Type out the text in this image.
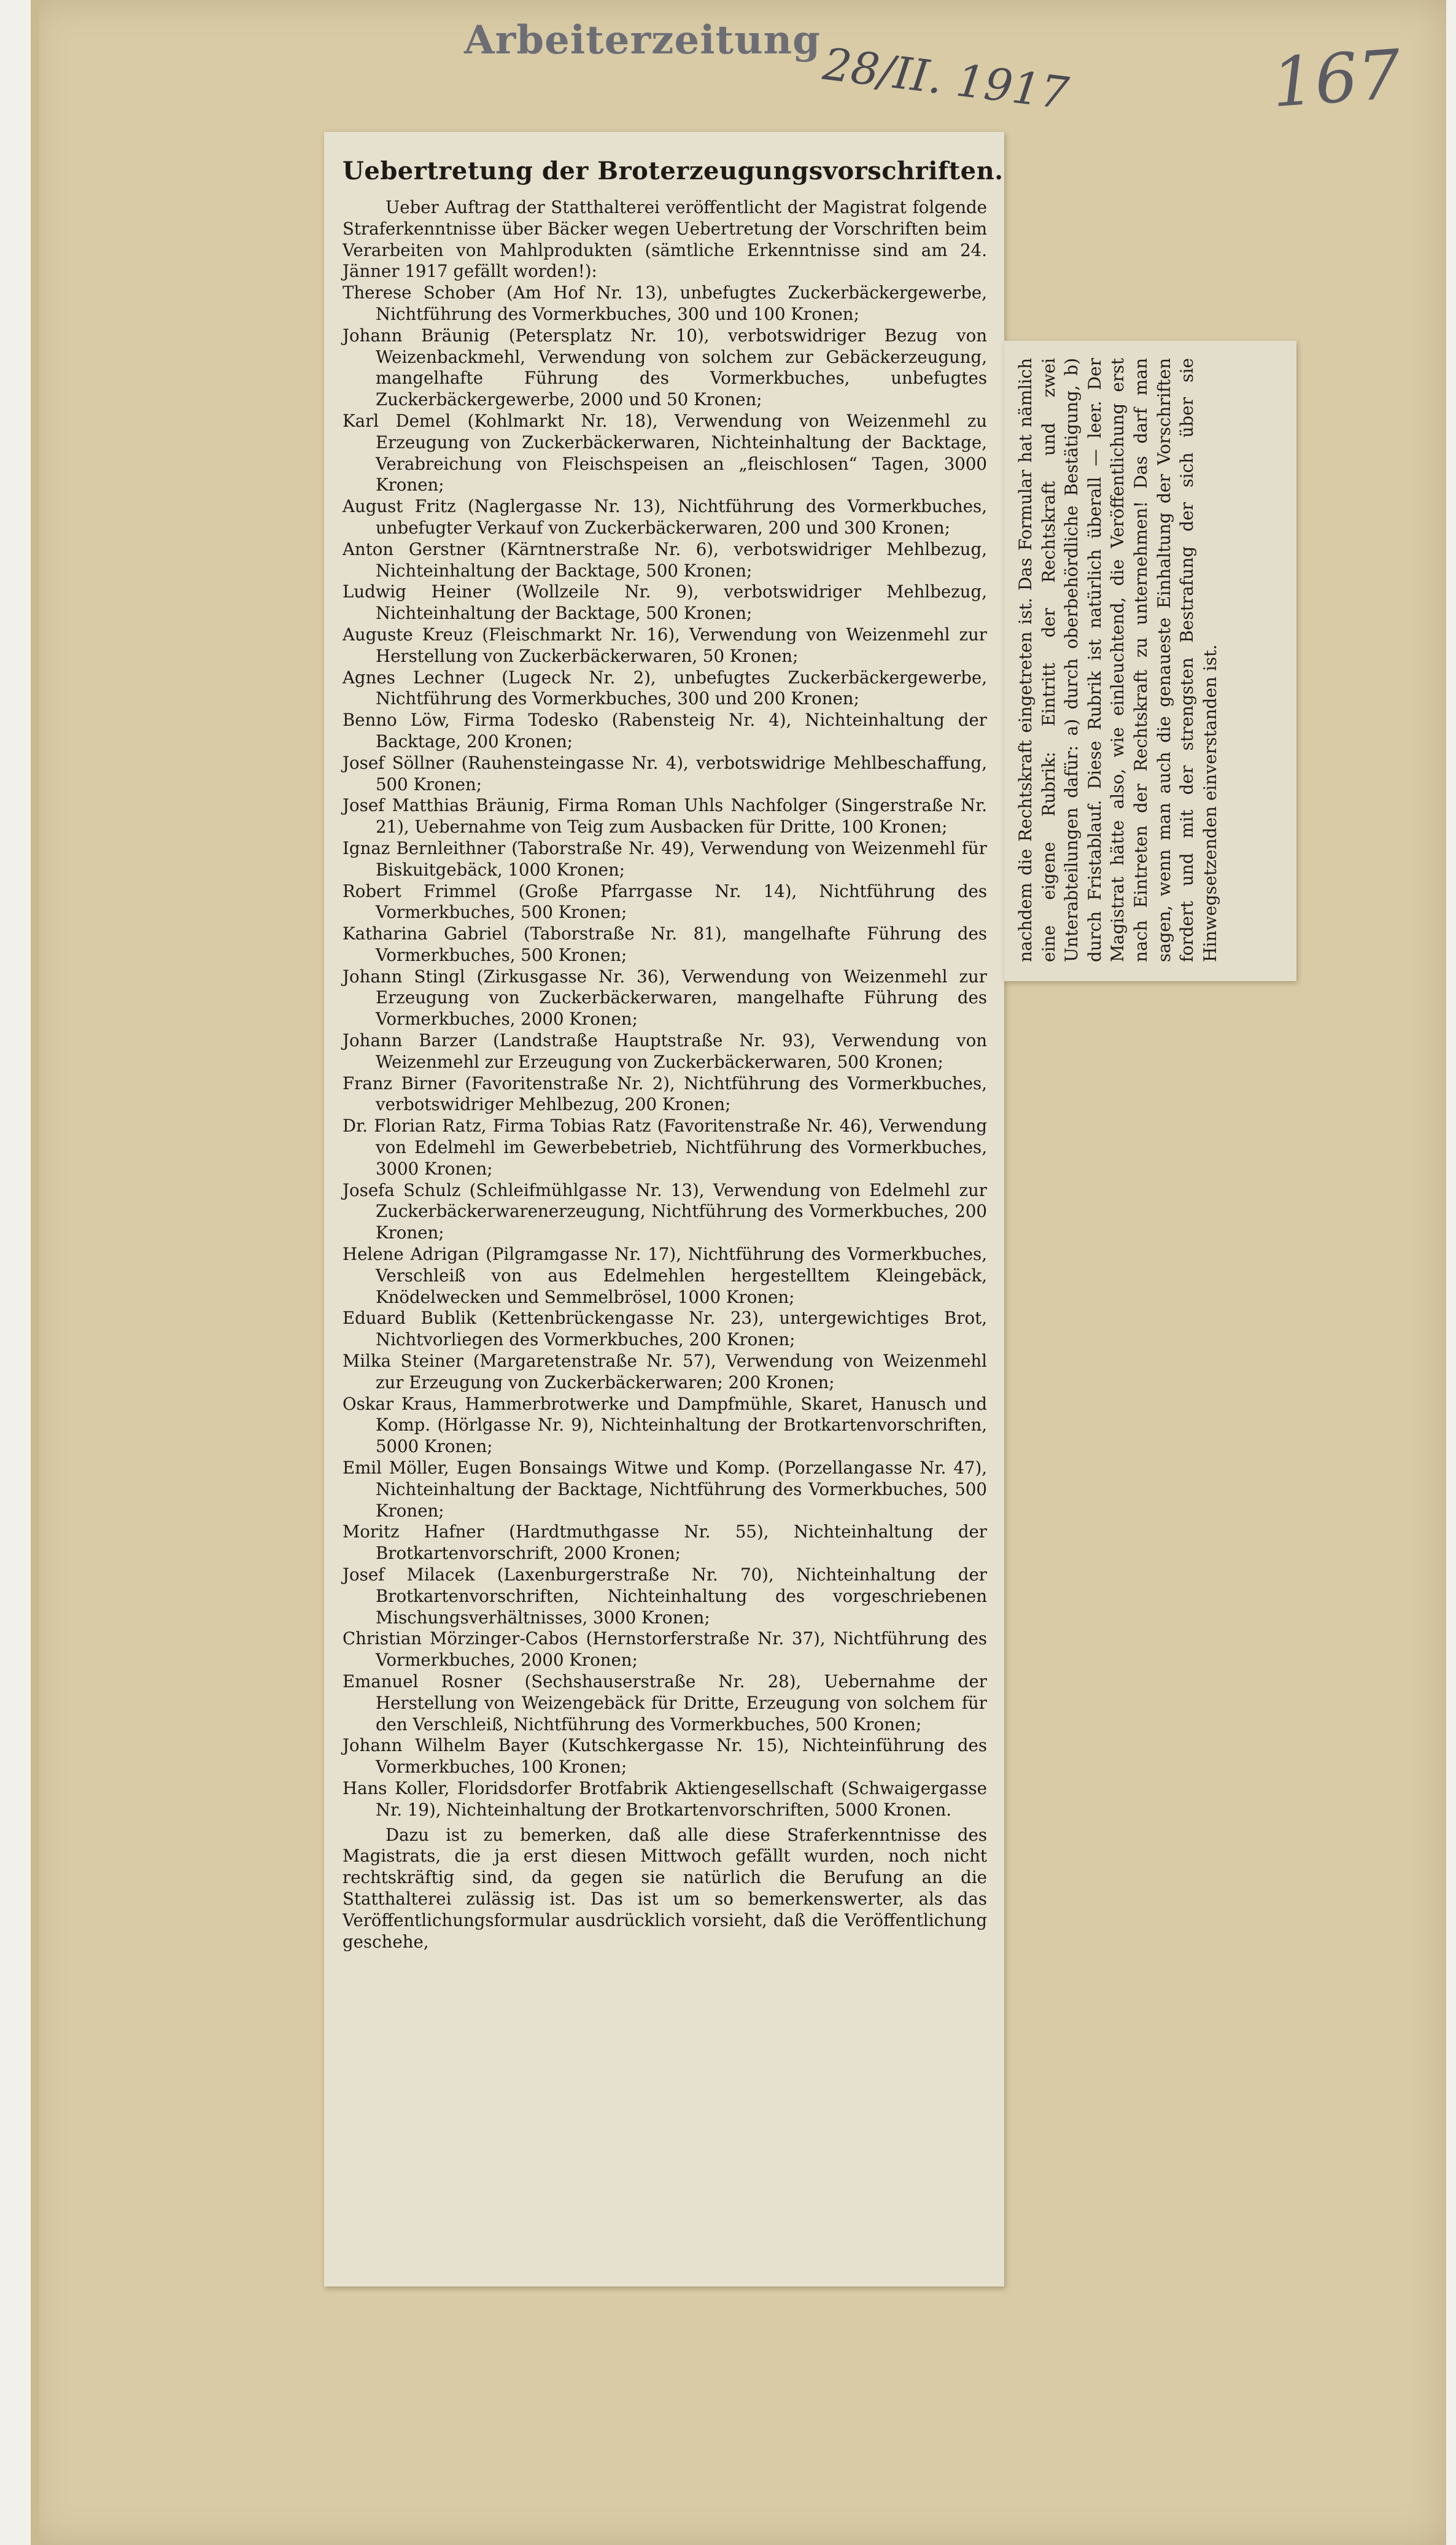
Arbeiterzeitung 28/II. 1917	167
Uebertretung der Broterzeugungsvorschriften.

Ueber Auftrag der Statthalterei veröffentlicht der Magistrat folgende Straferkenntnisse über Bäcker wegen Uebertretung der Vorschriften beim Verarbeiten von Mahlprodukten (sämtliche Erkenntnisse sind am 24. Jänner 1917 gefällt worden!):

Therese Schober (Am Hof Nr. 13), unbefugtes Zuckerbäckergewerbe, Nichtführung des Vormerkbuches, 300 und 100 Kronen;

Johann Bräunig (Petersplatz Nr. 10), verbotswidriger Bezug von Weizenbackmehl, Verwendung von solchem zur Gebäckerzeugung, mangelhafte Führung des Vormerkbuches, unbefugtes Zuckerbäckergewerbe, 2000 und 50 Kronen;

Karl Demel (Kohlmarkt Nr. 18), Verwendung von Weizenmehl zu Erzeugung von Zuckerbäckerwaren, Nichteinhaltung der Backtage, Verabreichung von Fleischspeisen an „fleischlosen“ Tagen, 3000 Kronen;

August Fritz (Naglergasse Nr. 13), Nichtführung des Vormerkbuches, unbefugter Verkauf von Zuckerbäckerwaren, 200 und 300 Kronen;

Anton Gerstner (Kärntnerstraße Nr. 6), verbotswidriger Mehlbezug, Nichteinhaltung der Backtage, 500 Kronen;

Ludwig Heiner (Wollzeile Nr. 9), verbotswidriger Mehlbezug, Nichteinhaltung der Backtage, 500 Kronen;

Auguste Kreuz (Fleischmarkt Nr. 16), Verwendung von Weizenmehl zur Herstellung von Zuckerbäckerwaren, 50 Kronen;

Agnes Lechner (Lugeck Nr. 2), unbefugtes Zuckerbäckergewerbe, Nichtführung des Vormerkbuches, 300 und 200 Kronen;

Benno Löw, Firma Todesko (Rabensteig Nr. 4), Nichteinhaltung der Backtage, 200 Kronen;

Josef Söllner (Rauhensteingasse Nr. 4), verbotswidrige Mehlbeschaffung, 500 Kronen;

Josef Matthias Bräunig, Firma Roman Uhls Nachfolger (Singerstraße Nr. 21), Uebernahme von Teig zum Ausbacken für Dritte, 100 Kronen;

Ignaz Bernleithner (Taborstraße Nr. 49), Verwendung von Weizenmehl für Biskuitgebäck, 1000 Kronen;

Robert Frimmel (Große Pfarrgasse Nr. 14), Nichtführung des Vormerkbuches, 500 Kronen;

Katharina Gabriel (Taborstraße Nr. 81), mangelhafte Führung des Vormerkbuches, 500 Kronen;

Johann Stingl (Zirkusgasse Nr. 36), Verwendung von Weizenmehl zur Erzeugung von Zuckerbäckerwaren, mangelhafte Führung des Vormerkbuches, 2000 Kronen;

Johann Barzer (Landstraße Hauptstraße Nr. 93), Verwendung von Weizenmehl zur Erzeugung von Zuckerbäckerwaren, 500 Kronen;

Franz Birner (Favoritenstraße Nr. 2), Nichtführung des Vormerkbuches, verbotswidriger Mehlbezug, 200 Kronen;

Dr. Florian Ratz, Firma Tobias Ratz (Favoritenstraße Nr. 46), Verwendung von Edelmehl im Gewerbebetrieb, Nichtführung des Vormerkbuches, 3000 Kronen;

Josefa Schulz (Schleifmühlgasse Nr. 13), Verwendung von Edelmehl zur Zuckerbäckerwarenerzeugung, Nichtführung des Vormerkbuches, 200 Kronen;

Helene Adrigan (Pilgramgasse Nr. 17), Nichtführung des Vormerkbuches, Verschleiß von aus Edelmehlen hergestelltem Kleingebäck, Knödelwecken und Semmelbrösel, 1000 Kronen;

Eduard Bublik (Kettenbrückengasse Nr. 23), untergewichtiges Brot, Nichtvorliegen des Vormerkbuches, 200 Kronen;

Milka Steiner (Margaretenstraße Nr. 57), Verwendung von Weizenmehl zur Erzeugung von Zuckerbäckerwaren; 200 Kronen;

Oskar Kraus, Hammerbrotwerke und Dampfmühle, Skaret, Hanusch und Komp. (Hörlgasse Nr. 9), Nichteinhaltung der Brotkartenvorschriften, 5000 Kronen;

Emil Möller, Eugen Bonsaings Witwe und Komp. (Porzellangasse Nr. 47), Nichteinhaltung der Backtage, Nichtführung des Vormerkbuches, 500 Kronen;

Moritz Hafner (Hardtmuthgasse Nr. 55), Nichteinhaltung der Brotkartenvorschrift, 2000 Kronen;

Josef Milacek (Laxenburgerstraße Nr. 70), Nichteinhaltung der Brotkartenvorschriften, Nichteinhaltung des vorgeschriebenen Mischungsverhältnisses, 3000 Kronen;

Christian Mörzinger-Cabos (Hernstorferstraße Nr. 37), Nichtführung des Vormerkbuches, 2000 Kronen;

Emanuel Rosner (Sechshauserstraße Nr. 28), Uebernahme der Herstellung von Weizengebäck für Dritte, Erzeugung von solchem für den Verschleiß, Nichtführung des Vormerkbuches, 500 Kronen;

Johann Wilhelm Bayer (Kutschkergasse Nr. 15), Nichteinführung des Vormerkbuches, 100 Kronen;

Hans Koller, Floridsdorfer Brotfabrik Aktiengesellschaft (Schwaigergasse Nr. 19), Nichteinhaltung der Brotkartenvorschriften, 5000 Kronen.

Dazu ist zu bemerken, daß alle diese Straferkenntnisse des Magistrats, die ja erst diesen Mittwoch gefällt wurden, noch nicht rechtskräftig sind, da gegen sie natürlich die Berufung an die Statthalterei zulässig ist. Das ist um so bemerkenswerter, als das Veröffentlichungsformular ausdrücklich vorsieht, daß die Veröffentlichung geschehe,

nachdem die Rechtskraft eingetreten ist. Das Formular hat nämlich eine eigene Rubrik: Eintritt der Rechtskraft und zwei Unterabteilungen dafür: a) durch oberbehördliche Bestätigung, b) durch Fristablauf. Diese Rubrik ist natürlich überall — leer. Der Magistrat hätte also, wie einleuchtend, die Veröffentlichung erst nach Eintreten der Rechtskraft zu unternehmen! Das darf man sagen, wenn man auch die genaueste Einhaltung der Vorschriften fordert und mit der strengsten Bestrafung der sich über sie Hinwegsetzenden einverstanden ist.
